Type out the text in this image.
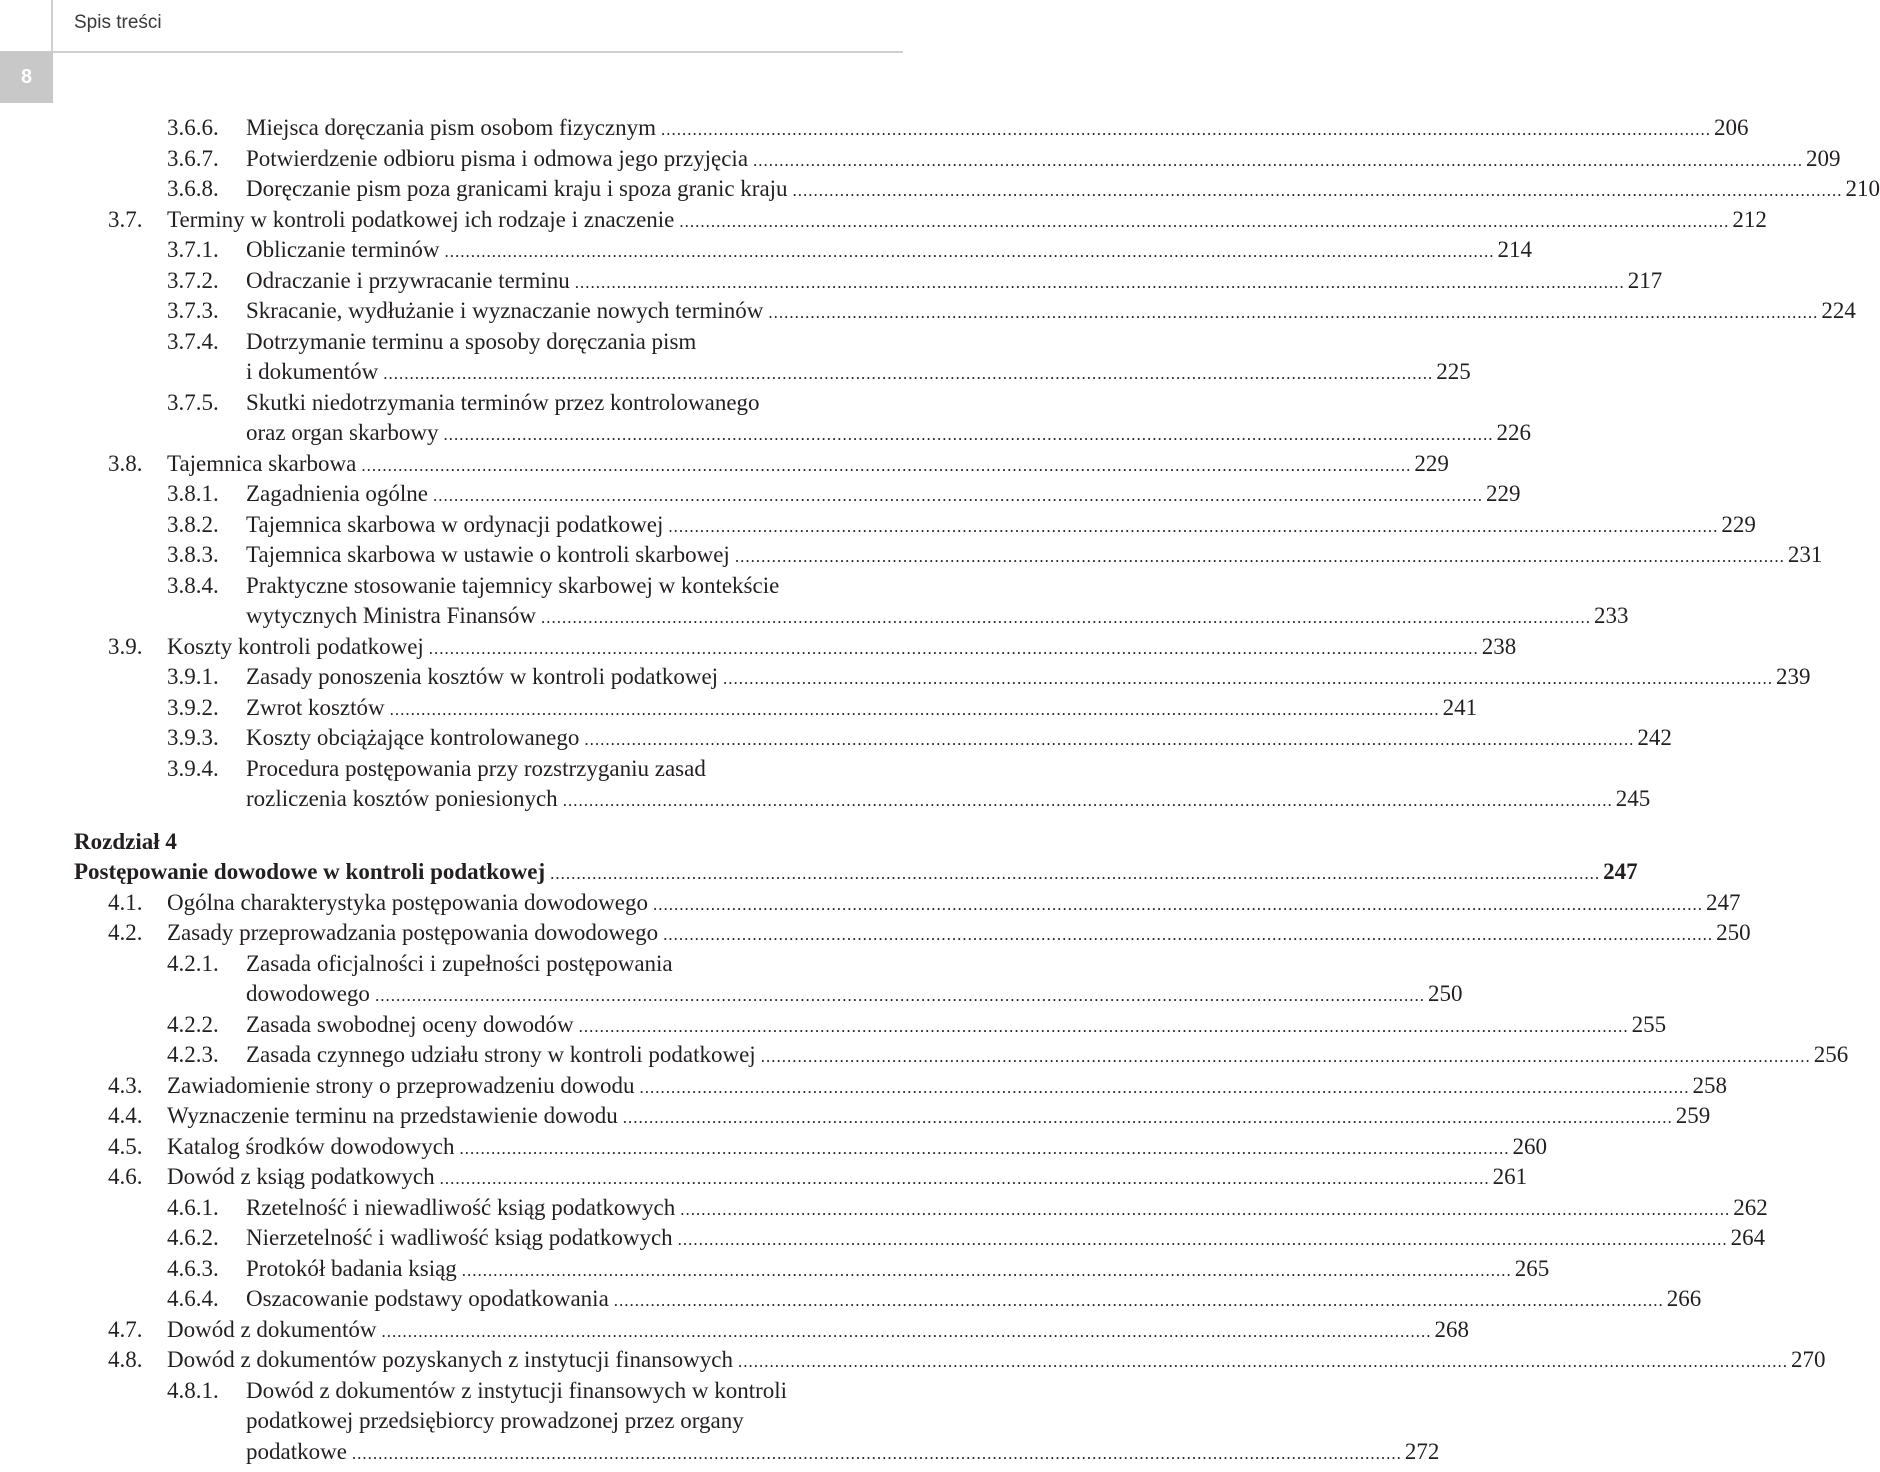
Spis treści
8
3.6.6. Miejsca doręczania pism osobom fizycznym ........................................................................................................................................................................................................ 206
3.6.7. Potwierdzenie odbioru pisma i odmowa jego przyjęcia ........................................................................................................................................................................................................ 209
3.6.8. Doręczanie pism poza granicami kraju i spoza granic kraju ........................................................................................................................................................................................................ 210
3.7. Terminy w kontroli podatkowej ich rodzaje i znaczenie ........................................................................................................................................................................................................ 212
3.7.1. Obliczanie terminów ........................................................................................................................................................................................................ 214
3.7.2. Odraczanie i przywracanie terminu ........................................................................................................................................................................................................ 217
3.7.3. Skracanie, wydłużanie i wyznaczanie nowych terminów ........................................................................................................................................................................................................ 224
3.7.4. Dotrzymanie terminu a sposoby doręczania pism
i dokumentów ........................................................................................................................................................................................................ 225
3.7.5. Skutki niedotrzymania terminów przez kontrolowanego
oraz organ skarbowy ........................................................................................................................................................................................................ 226
3.8. Tajemnica skarbowa ........................................................................................................................................................................................................ 229
3.8.1. Zagadnienia ogólne ........................................................................................................................................................................................................ 229
3.8.2. Tajemnica skarbowa w ordynacji podatkowej ........................................................................................................................................................................................................ 229
3.8.3. Tajemnica skarbowa w ustawie o kontroli skarbowej ........................................................................................................................................................................................................ 231
3.8.4. Praktyczne stosowanie tajemnicy skarbowej w kontekście
wytycznych Ministra Finansów ........................................................................................................................................................................................................ 233
3.9. Koszty kontroli podatkowej ........................................................................................................................................................................................................ 238
3.9.1. Zasady ponoszenia kosztów w kontroli podatkowej ........................................................................................................................................................................................................ 239
3.9.2. Zwrot kosztów ........................................................................................................................................................................................................ 241
3.9.3. Koszty obciążające kontrolowanego ........................................................................................................................................................................................................ 242
3.9.4. Procedura postępowania przy rozstrzyganiu zasad
rozliczenia kosztów poniesionych ........................................................................................................................................................................................................ 245
Rozdział 4
Postępowanie dowodowe w kontroli podatkowej ........................................................................................................................................................................................................ 247
4.1. Ogólna charakterystyka postępowania dowodowego ........................................................................................................................................................................................................ 247
4.2. Zasady przeprowadzania postępowania dowodowego ........................................................................................................................................................................................................ 250
4.2.1. Zasada oficjalności i zupełności postępowania
dowodowego ........................................................................................................................................................................................................ 250
4.2.2. Zasada swobodnej oceny dowodów ........................................................................................................................................................................................................ 255
4.2.3. Zasada czynnego udziału strony w kontroli podatkowej ........................................................................................................................................................................................................ 256
4.3. Zawiadomienie strony o przeprowadzeniu dowodu ........................................................................................................................................................................................................ 258
4.4. Wyznaczenie terminu na przedstawienie dowodu ........................................................................................................................................................................................................ 259
4.5. Katalog środków dowodowych ........................................................................................................................................................................................................ 260
4.6. Dowód z ksiąg podatkowych ........................................................................................................................................................................................................ 261
4.6.1. Rzetelność i niewadliwość ksiąg podatkowych ........................................................................................................................................................................................................ 262
4.6.2. Nierzetelność i wadliwość ksiąg podatkowych ........................................................................................................................................................................................................ 264
4.6.3. Protokół badania ksiąg ........................................................................................................................................................................................................ 265
4.6.4. Oszacowanie podstawy opodatkowania ........................................................................................................................................................................................................ 266
4.7. Dowód z dokumentów ........................................................................................................................................................................................................ 268
4.8. Dowód z dokumentów pozyskanych z instytucji finansowych ........................................................................................................................................................................................................ 270
4.8.1. Dowód z dokumentów z instytucji finansowych w kontroli
podatkowej przedsiębiorcy prowadzonej przez organy
podatkowe ........................................................................................................................................................................................................ 272
